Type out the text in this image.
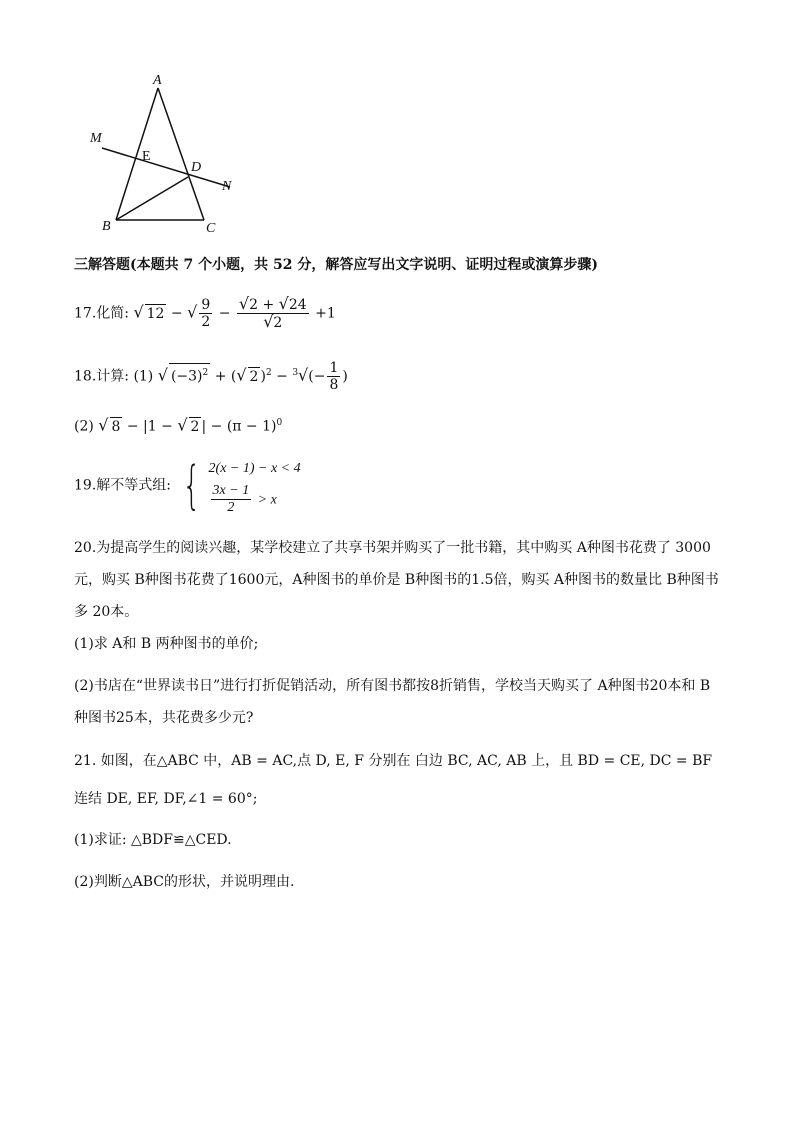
A
B	C
D
E
M
N
三解答题(本题共 7 个小题，共 52 分，解答应写出文字说明、证明过程或演算步骤)
17.化简: √ 12 − √ $\frac{9}{2} - \frac{√2 + √24}{√2} +1$
18.计算: (1) √ $(-3)^2$ + (√ 2 )$^2 - ^3√(- \frac{1}{8}$ )
(2) √ 8 − |1 − √ 2 | − $(\pi - 1)^0$
19.解不等式组: { 2(x − 1) − x < 4
$\frac{3x - 1}{2} > x$
20.为提高学生的阅读兴趣，某学校建立了共享书架并购买了一批书籍，其中购买 A种图书花费了 3000元，购买 B种图书花费了1600元，A种图书的单价是 B种图书的1.5倍，购买 A种图书的数量比 B种图书多 20本。
(1)求 A和 B 两种图书的单价;
(2)书店在“世界读书日”进行打折促销活动，所有图书都按8折销售，学校当天购买了 A种图书20本和 B 种图书25本，共花费多少元?
21. 如图，在△ABC 中，AB = AC,点 D, E, F 分别在 白边 BC, AC, AB 上，且 BD = CE, DC = BF 连结 DE, EF, DF,∠1 = 60°;
(1)求证: △BDF≌△CED.
(2)判断△ABC的形状，并说明理由.
